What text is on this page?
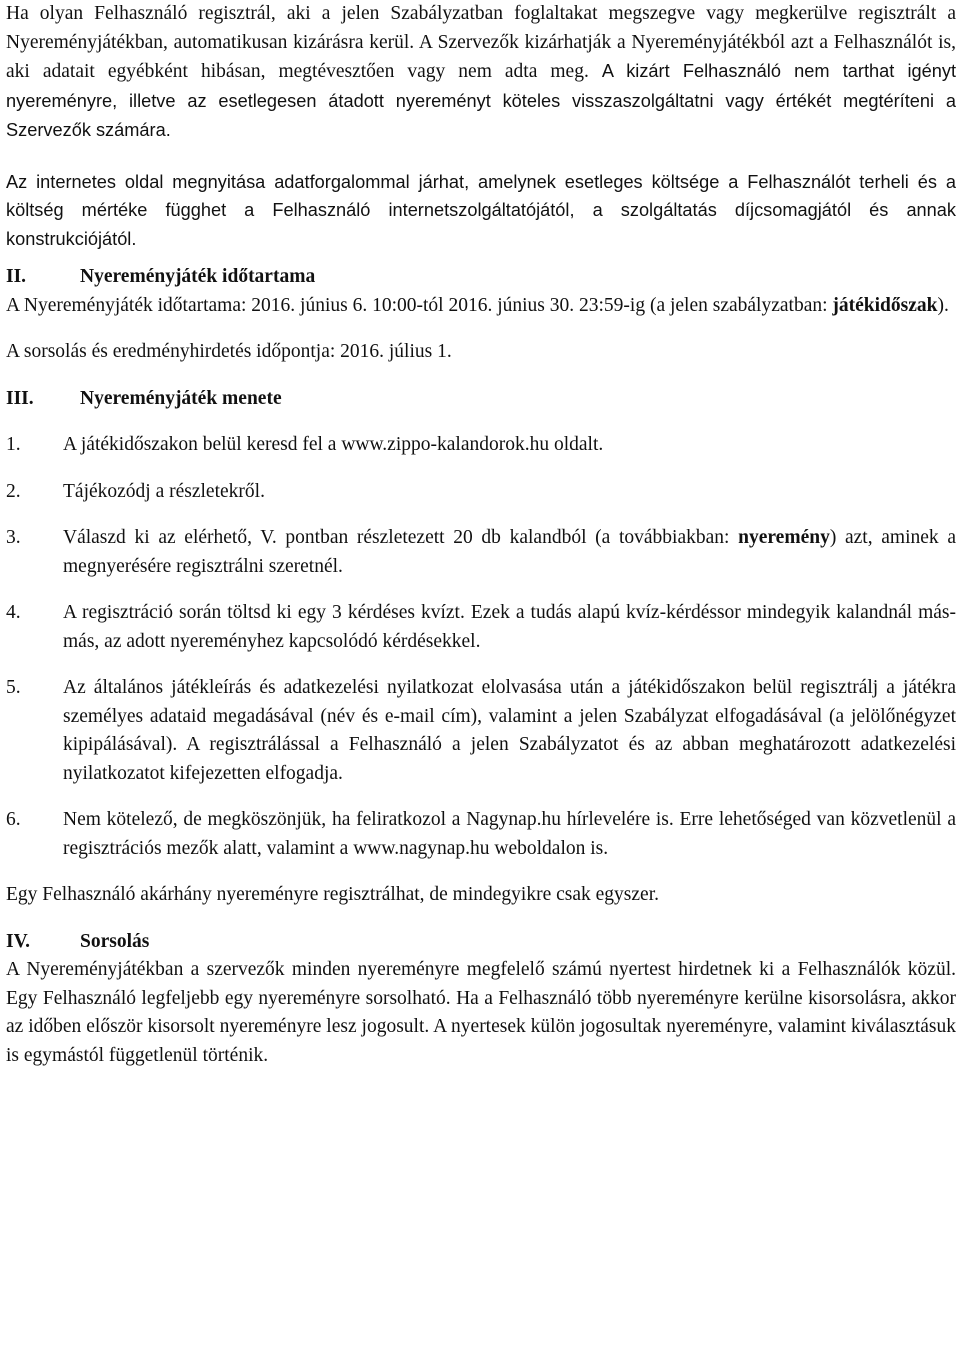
Ha olyan Felhasználó regisztrál, aki a jelen Szabályzatban foglaltakat megszegve vagy megkerülve regisztrált a Nyereményjátékban, automatikusan kizárásra kerül. A Szervezők kizárhatják a Nyereményjátékból azt a Felhasználót is, aki adatait egyébként hibásan, megtévesztően vagy nem adta meg. A kizárt Felhasználó nem tarthat igényt nyereményre, illetve az esetlegesen átadott nyereményt köteles visszaszolgáltatni vagy értékét megtéríteni a Szervezők számára.

Az internetes oldal megnyitása adatforgalommal járhat, amelynek esetleges költsége a Felhasználót terheli és a költség mértéke függhet a Felhasználó internetszolgáltatójától, a szolgáltatás díjcsomagjától és annak konstrukciójától.

II.	Nyereményjáték időtartama

A Nyereményjáték időtartama: 2016. június 6. 10:00-tól 2016. június 30. 23:59-ig (a jelen szabályzatban: játékidőszak).

A sorsolás és eredményhirdetés időpontja: 2016. július 1.

III.	Nyereményjáték menete
1.	A játékidőszakon belül keresd fel a www.zippo-kalandorok.hu oldalt.
2.	Tájékozódj a részletekről.
3.	Válaszd ki az elérhető, V. pontban részletezett 20 db kalandból (a továbbiakban: nyeremény) azt, aminek a megnyerésére regisztrálni szeretnél.
4.	A regisztráció során töltsd ki egy 3 kérdéses kvízt. Ezek a tudás alapú kvíz-kérdéssor mindegyik kalandnál más-más, az adott nyereményhez kapcsolódó kérdésekkel.
5.	Az általános játékleírás és adatkezelési nyilatkozat elolvasása után a játékidőszakon belül regisztrálj a játékra személyes adataid megadásával (név és e-mail cím), valamint a jelen Szabályzat elfogadásával (a jelölőnégyzet kipipálásával). A regisztrálással a Felhasználó a jelen Szabályzatot és az abban meghatározott adatkezelési nyilatkozatot kifejezetten elfogadja.
6.	Nem kötelező, de megköszönjük, ha feliratkozol a Nagynap.hu hírlevelére is. Erre lehetőséged van közvetlenül a regisztrációs mezők alatt, valamint a www.nagynap.hu weboldalon is.

Egy Felhasználó akárhány nyereményre regisztrálhat, de mindegyikre csak egyszer.

IV.	Sorsolás

A Nyereményjátékban a szervezők minden nyereményre megfelelő számú nyertest hirdetnek ki a Felhasználók közül. Egy Felhasználó legfeljebb egy nyereményre sorsolható. Ha a Felhasználó több nyereményre kerülne kisorsolásra, akkor az időben először kisorsolt nyereményre lesz jogosult. A nyertesek külön jogosultak nyereményre, valamint kiválasztásuk is egymástól függetlenül történik.
